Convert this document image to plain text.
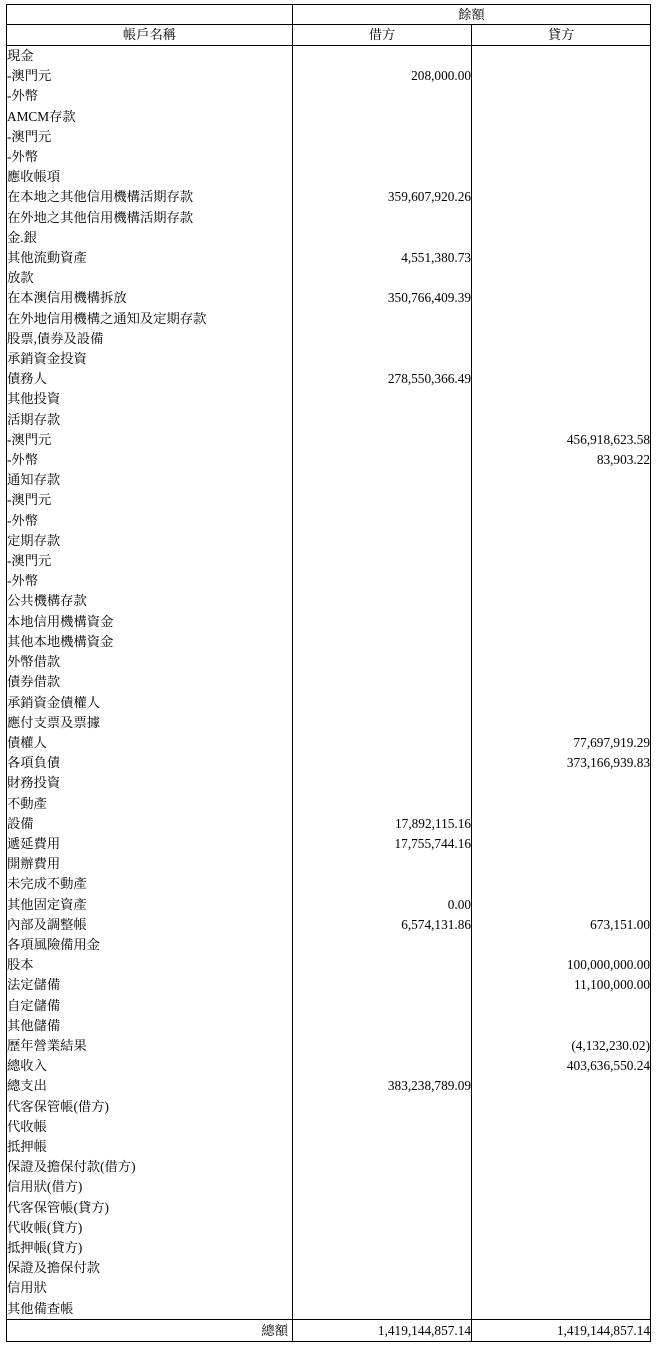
	餘額	
帳戶名稱	借方	貸方
現金		
-澳門元	208,000.00	
-外幣		
AMCM存款		
-澳門元		
-外幣		
應收帳項		
在本地之其他信用機構活期存款	359,607,920.26	
在外地之其他信用機構活期存款		
金.銀		
其他流動資產	4,551,380.73	
放款		
在本澳信用機構拆放	350,766,409.39	
在外地信用機構之通知及定期存款		
股票,債券及設備		
承銷資金投資		
債務人	278,550,366.49	
其他投資		
活期存款		
-澳門元		456,918,623.58
-外幣		83,903.22
通知存款		
-澳門元		
-外幣		
定期存款		
-澳門元		
-外幣		
公共機構存款		
本地信用機構資金		
其他本地機構資金		
外幣借款		
債券借款		
承銷資金債權人		
應付支票及票據		
債權人		77,697,919.29
各項負債		373,166,939.83
財務投資		
不動產		
設備	17,892,115.16	
遞延費用	17,755,744.16	
開辦費用		
未完成不動產		
其他固定資產	0.00	
內部及調整帳	6,574,131.86	673,151.00
各項風險備用金		
股本		100,000,000.00
法定儲備		11,100,000.00
自定儲備		
其他儲備		
歷年營業結果		(4,132,230.02)
總收入		403,636,550.24
總支出	383,238,789.09	
代客保管帳(借方)		
代收帳		
抵押帳		
保證及擔保付款(借方)		
信用狀(借方)		
代客保管帳(貸方)		
代收帳(貸方)		
抵押帳(貸方)		
保證及擔保付款		
信用狀		
其他備查帳		
總額	1,419,144,857.14	1,419,144,857.14
